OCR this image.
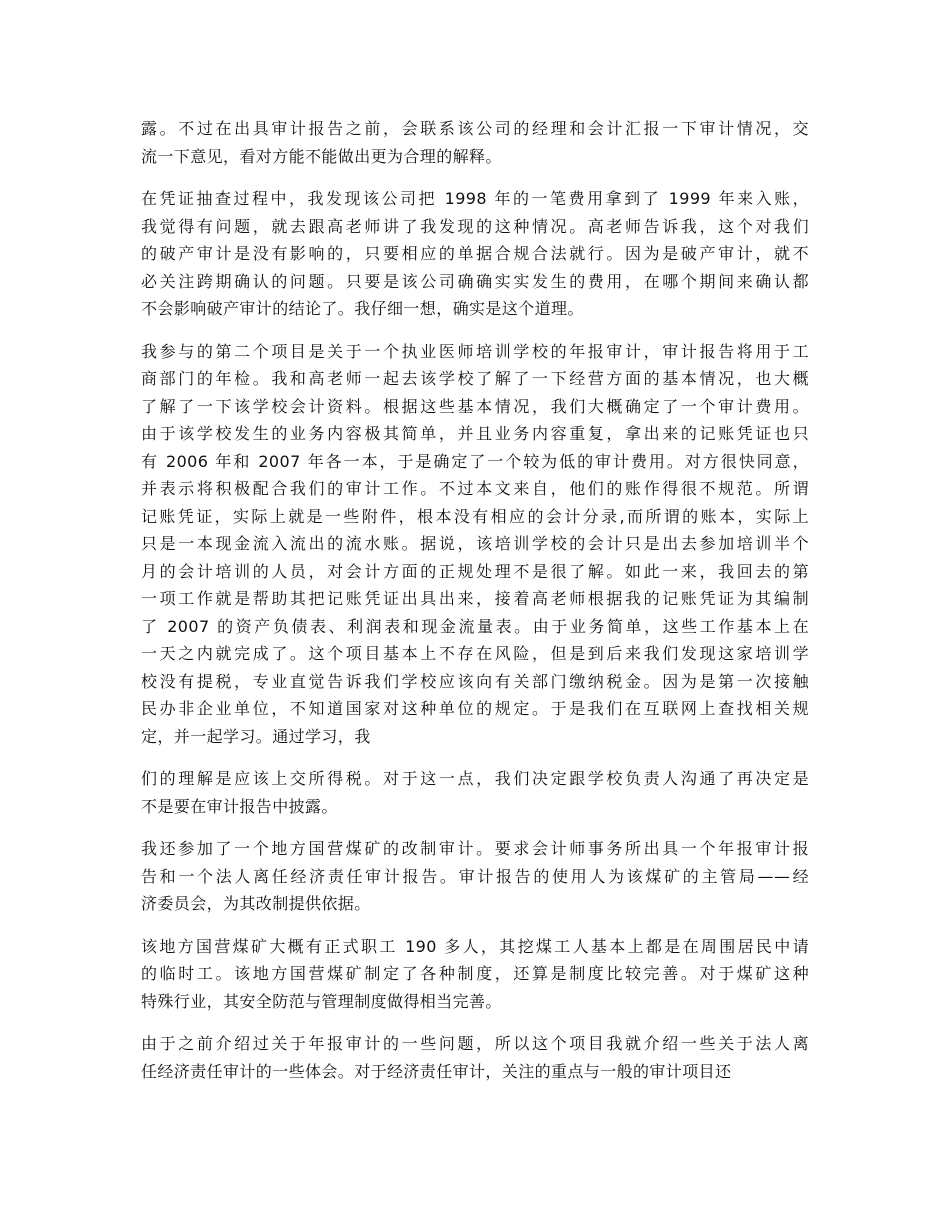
露。不过在出具审计报告之前，会联系该公司的经理和会计汇报一下审计情况，交
流一下意见，看对方能不能做出更为合理的解释。
在凭证抽查过程中，我发现该公司把 1998 年的一笔费用拿到了 1999 年来入账，
我觉得有问题，就去跟高老师讲了我发现的这种情况。高老师告诉我，这个对我们
的破产审计是没有影响的，只要相应的单据合规合法就行。因为是破产审计，就不
必关注跨期确认的问题。只要是该公司确确实实发生的费用，在哪个期间来确认都
不会影响破产审计的结论了。我仔细一想，确实是这个道理。
我参与的第二个项目是关于一个执业医师培训学校的年报审计，审计报告将用于工
商部门的年检。我和高老师一起去该学校了解了一下经营方面的基本情况，也大概
了解了一下该学校会计资料。根据这些基本情况，我们大概确定了一个审计费用。
由于该学校发生的业务内容极其简单，并且业务内容重复，拿出来的记账凭证也只
有 2006 年和 2007 年各一本，于是确定了一个较为低的审计费用。对方很快同意，
并表示将积极配合我们的审计工作。不过本文来自，他们的账作得很不规范。所谓
记账凭证，实际上就是一些附件，根本没有相应的会计分录,而所谓的账本，实际上
只是一本现金流入流出的流水账。据说，该培训学校的会计只是出去参加培训半个
月的会计培训的人员，对会计方面的正规处理不是很了解。如此一来，我回去的第
一项工作就是帮助其把记账凭证出具出来，接着高老师根据我的记账凭证为其编制
了 2007 的资产负债表、利润表和现金流量表。由于业务简单，这些工作基本上在
一天之内就完成了。这个项目基本上不存在风险，但是到后来我们发现这家培训学
校没有提税，专业直觉告诉我们学校应该向有关部门缴纳税金。因为是第一次接触
民办非企业单位，不知道国家对这种单位的规定。于是我们在互联网上查找相关规
定，并一起学习。通过学习，我
们的理解是应该上交所得税。对于这一点，我们决定跟学校负责人沟通了再决定是
不是要在审计报告中披露。
我还参加了一个地方国营煤矿的改制审计。要求会计师事务所出具一个年报审计报
告和一个法人离任经济责任审计报告。审计报告的使用人为该煤矿的主管局——经
济委员会，为其改制提供依据。
该地方国营煤矿大概有正式职工 190 多人，其挖煤工人基本上都是在周围居民中请
的临时工。该地方国营煤矿制定了各种制度，还算是制度比较完善。对于煤矿这种
特殊行业，其安全防范与管理制度做得相当完善。
由于之前介绍过关于年报审计的一些问题，所以这个项目我就介绍一些关于法人离
任经济责任审计的一些体会。对于经济责任审计，关注的重点与一般的审计项目还
